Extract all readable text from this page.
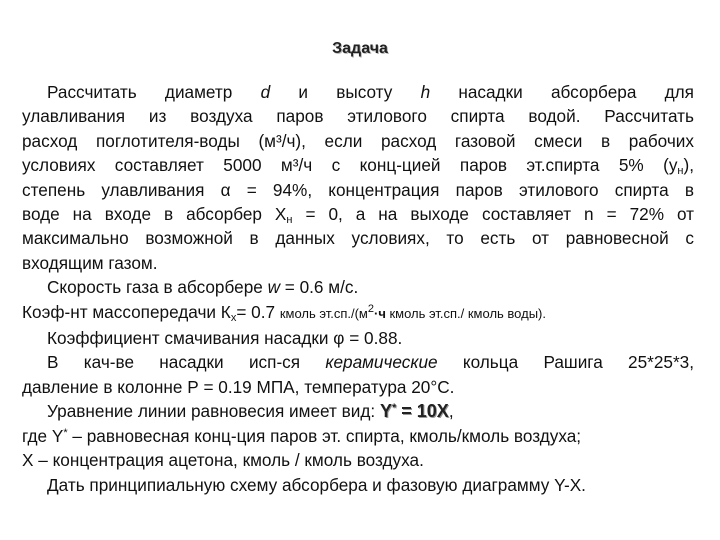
Задача
Рассчитать диаметр d и высоту h насадки абсорбера для
улавливания из воздуха паров этилового спирта водой. Рассчитать
расход поглотителя-воды (м³/ч), если расход газовой смеси в рабочих
условиях составляет 5000 м³/ч с конц-цией паров эт.спирта 5% $(у_н)$,
степень улавливания α = 94%, концентрация паров этилового спирта в
воде на входе в абсорбер $Х_н = 0$, а на выходе составляет n = 72% от
максимально возможной в данных условиях, то есть от равновесной с
входящим газом.
Скорость газа в абсорбере w = 0.6 м/с.
Коэф-нт массопередачи $К_х= 0.7$ кмоль $эт.сп./(м^2\cdot ч$ кмоль эт.сп./ кмоль воды).
Коэффициент смачивания насадки φ = 0.88.
В кач-ве насадки исп-ся керамические кольца Рашига 25*25*3,
давление в колонне Р = 0.19 МПА, температура 20°С.
Уравнение линии равновесия имеет вид: Y* = 10X,
где Y* – равновесная конц-ция паров эт. спирта, кмоль/кмоль воздуха;
Х – концентрация ацетона, кмоль / кмоль воздуха.
Дать принципиальную схему абсорбера и фазовую диаграмму Y-X.
